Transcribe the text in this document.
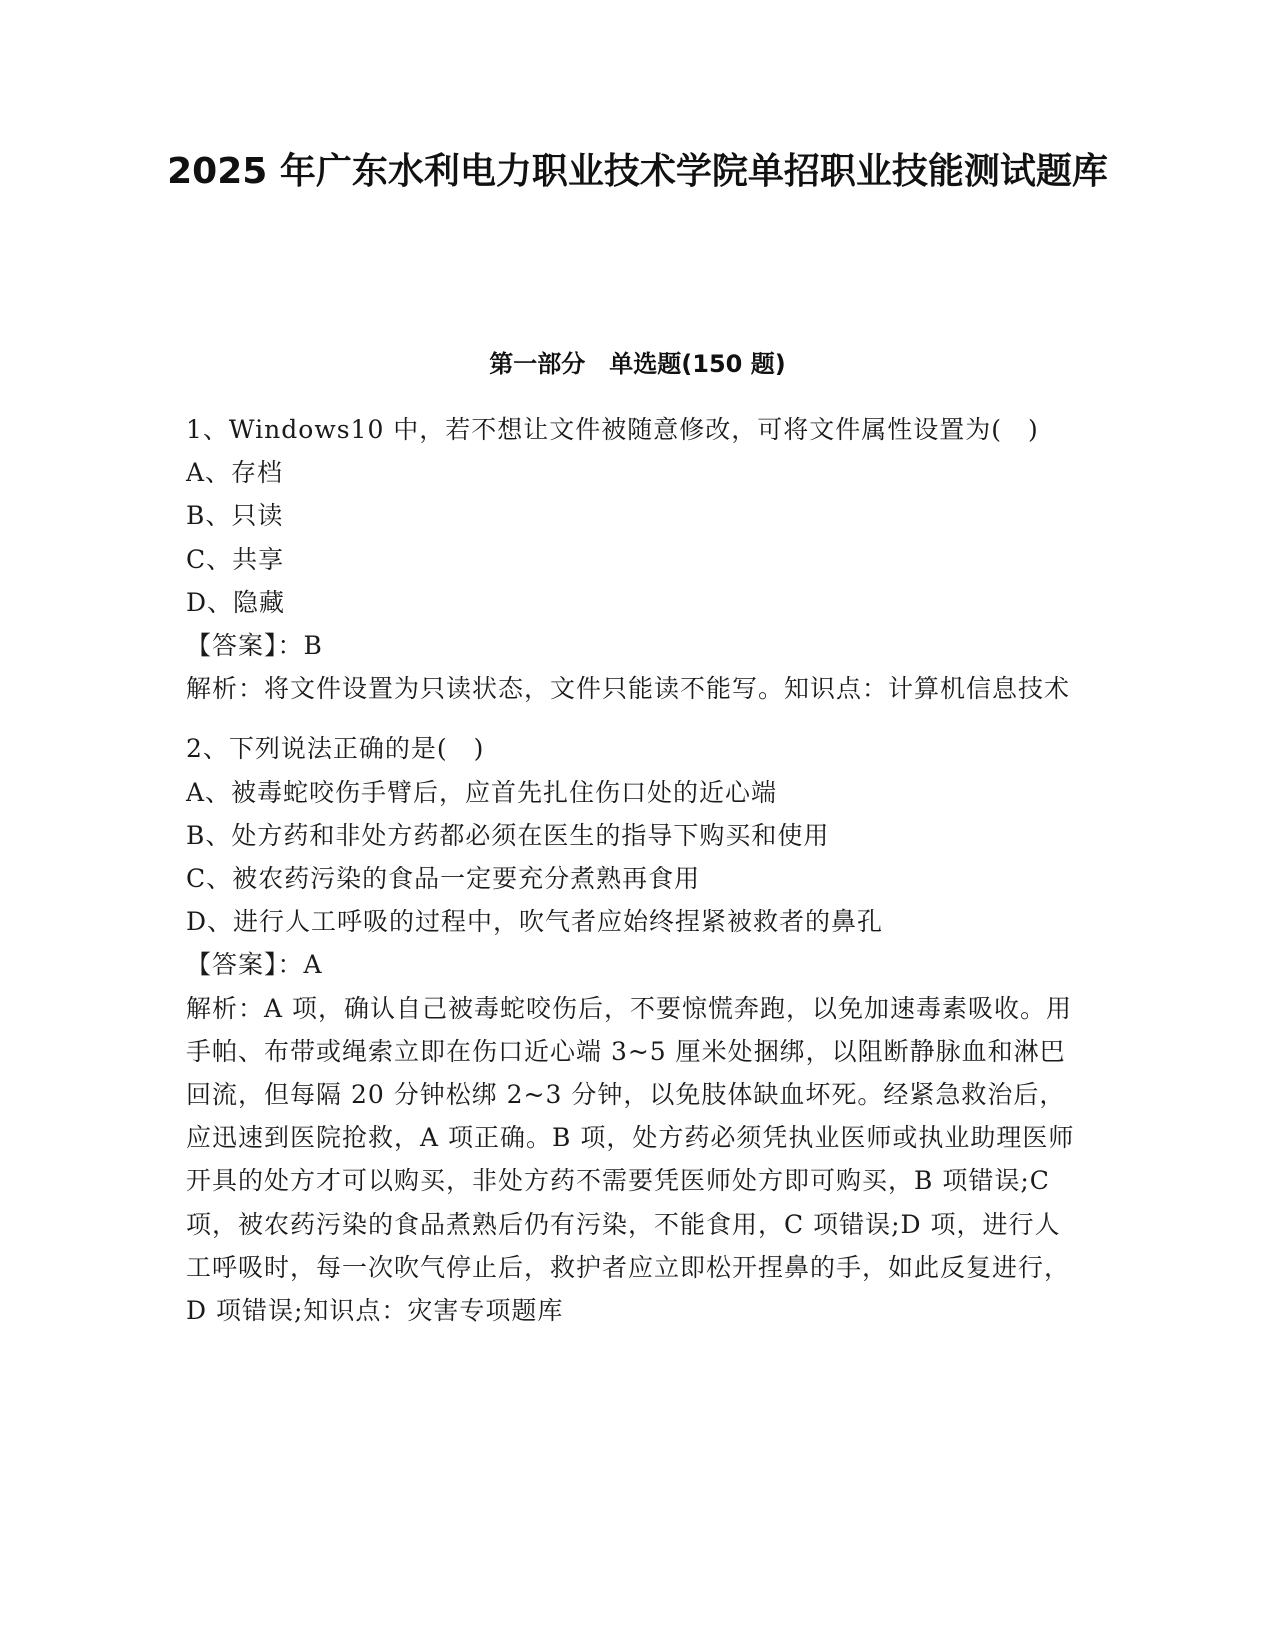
2025 年广东水利电力职业技术学院单招职业技能测试题库
第一部分　单选题(150 题)
1、Windows10 中，若不想让文件被随意修改，可将文件属性设置为(　)
A、存档
B、只读
C、共享
D、隐藏
【答案】：B
解析：将文件设置为只读状态，文件只能读不能写。知识点：计算机信息技术
2、下列说法正确的是(　)
A、被毒蛇咬伤手臂后，应首先扎住伤口处的近心端
B、处方药和非处方药都必须在医生的指导下购买和使用
C、被农药污染的食品一定要充分煮熟再食用
D、进行人工呼吸的过程中，吹气者应始终捏紧被救者的鼻孔
【答案】：A
解析：A 项，确认自己被毒蛇咬伤后，不要惊慌奔跑，以免加速毒素吸收。用手帕、布带或绳索立即在伤口近心端 3~5 厘米处捆绑，以阻断静脉血和淋巴回流，但每隔 20 分钟松绑 2~3 分钟，以免肢体缺血坏死。经紧急救治后，应迅速到医院抢救，A 项正确。B 项，处方药必须凭执业医师或执业助理医师开具的处方才可以购买，非处方药不需要凭医师处方即可购买，B 项错误;C 项，被农药污染的食品煮熟后仍有污染，不能食用，C 项错误;D 项，进行人工呼吸时，每一次吹气停止后，救护者应立即松开捏鼻的手，如此反复进行，D 项错误;知识点：灾害专项题库
